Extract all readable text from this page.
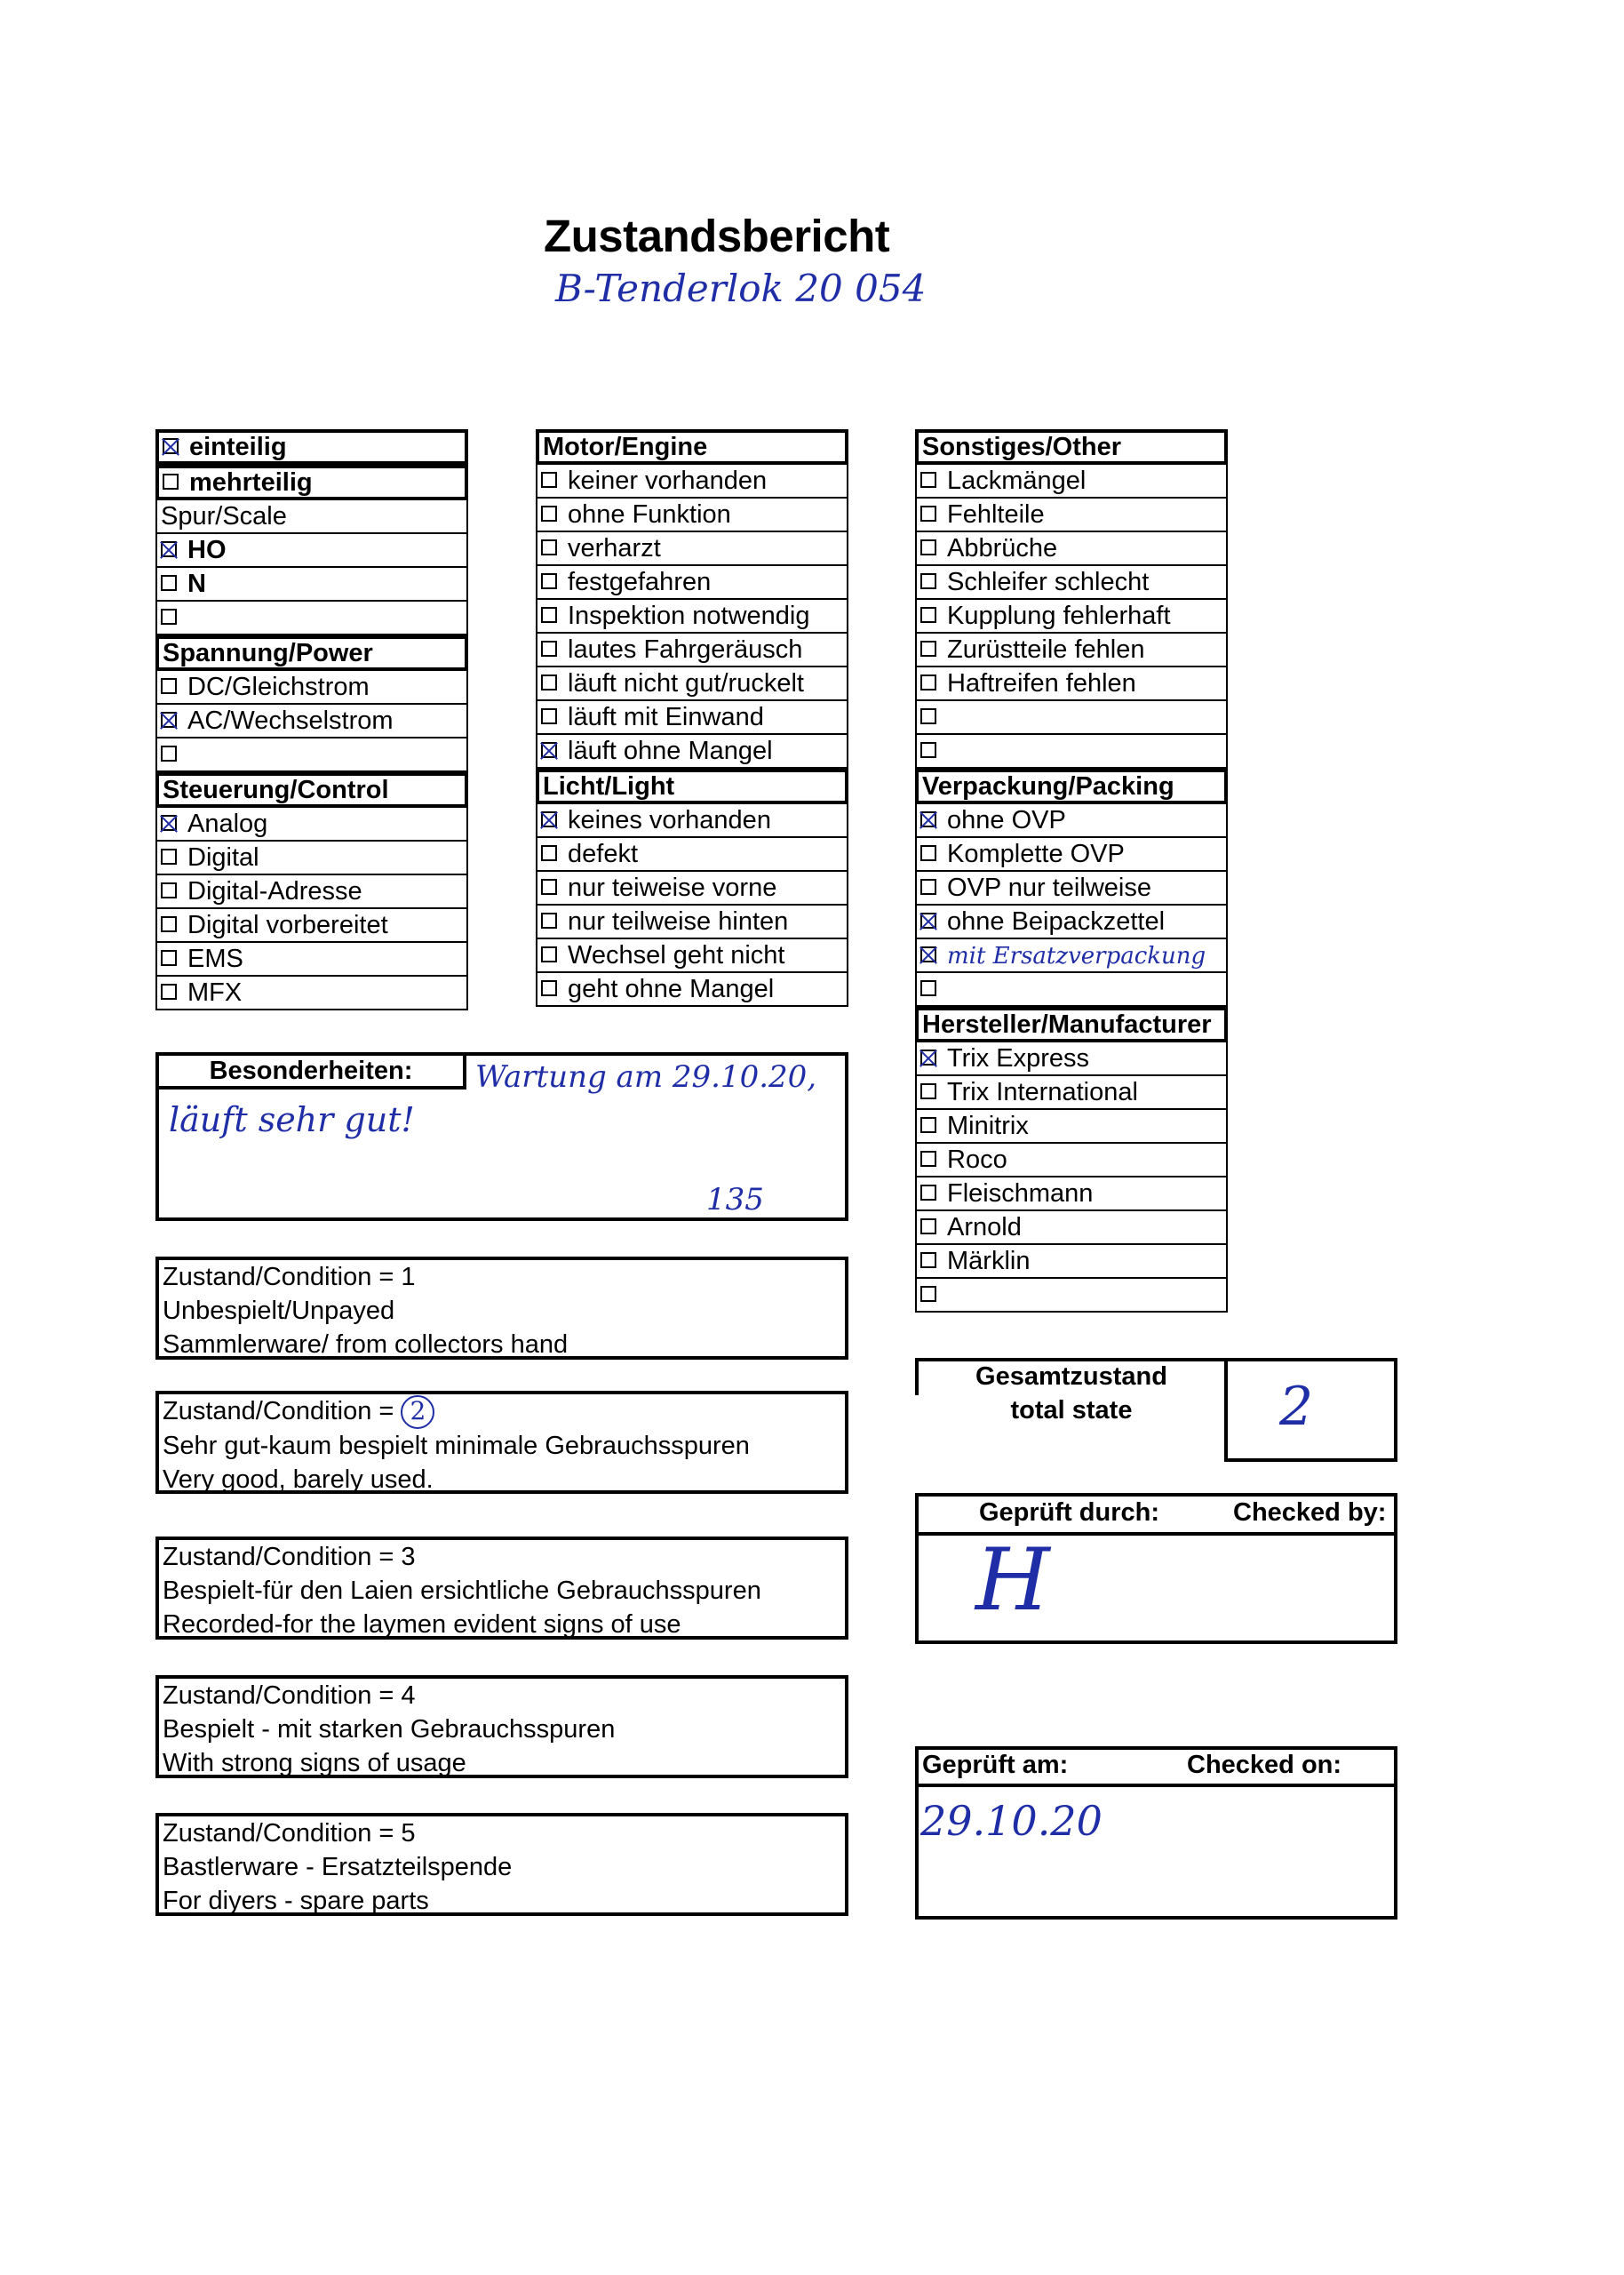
Zustandsbericht
B-Tenderlok 20 054
einteilig
mehrteilig
Spur/Scale
HO
N
Spannung/Power
DC/Gleichstrom
AC/Wechselstrom
Steuerung/Control
Analog
Digital
Digital-Adresse
Digital vorbereitet
EMS
MFX
Motor/Engine
keiner vorhanden
ohne Funktion
verharzt
festgefahren
Inspektion notwendig
lautes Fahrgeräusch
läuft nicht gut/ruckelt
läuft mit Einwand
läuft ohne Mangel
Licht/Light
keines vorhanden
defekt
nur teiweise vorne
nur teilweise hinten
Wechsel geht nicht
geht ohne Mangel
Sonstiges/Other
Lackmängel
Fehlteile
Abbrüche
Schleifer schlecht
Kupplung fehlerhaft
Zurüstteile fehlen
Haftreifen fehlen
Verpackung/Packing
ohne OVP
Komplette OVP
OVP nur teilweise
ohne Beipackzettel
mit Ersatzverpackung
Hersteller/Manufacturer
Trix Express
Trix International
Minitrix
Roco
Fleischmann
Arnold
Märklin
Besonderheiten:	Wartung am 29.10.20,
läuft sehr gut!
135
Zustand/Condition = 1
Unbespielt/Unpayed
Sammlerware/ from collectors hand
Zustand/Condition = 2
Sehr gut-kaum bespielt minimale Gebrauchsspuren
Very good, barely used.
Zustand/Condition = 3
Bespielt-für den Laien ersichtliche Gebrauchsspuren
Recorded-for the laymen evident signs of use
Zustand/Condition = 4
Bespielt - mit starken Gebrauchsspuren
With strong signs of usage
Zustand/Condition = 5
Bastlerware - Ersatzteilspende
For diyers - spare parts
Gesamtzustand
total state	2
Geprüft durch:	Checked by:
H
Geprüft am:	Checked on:
29.10.20
